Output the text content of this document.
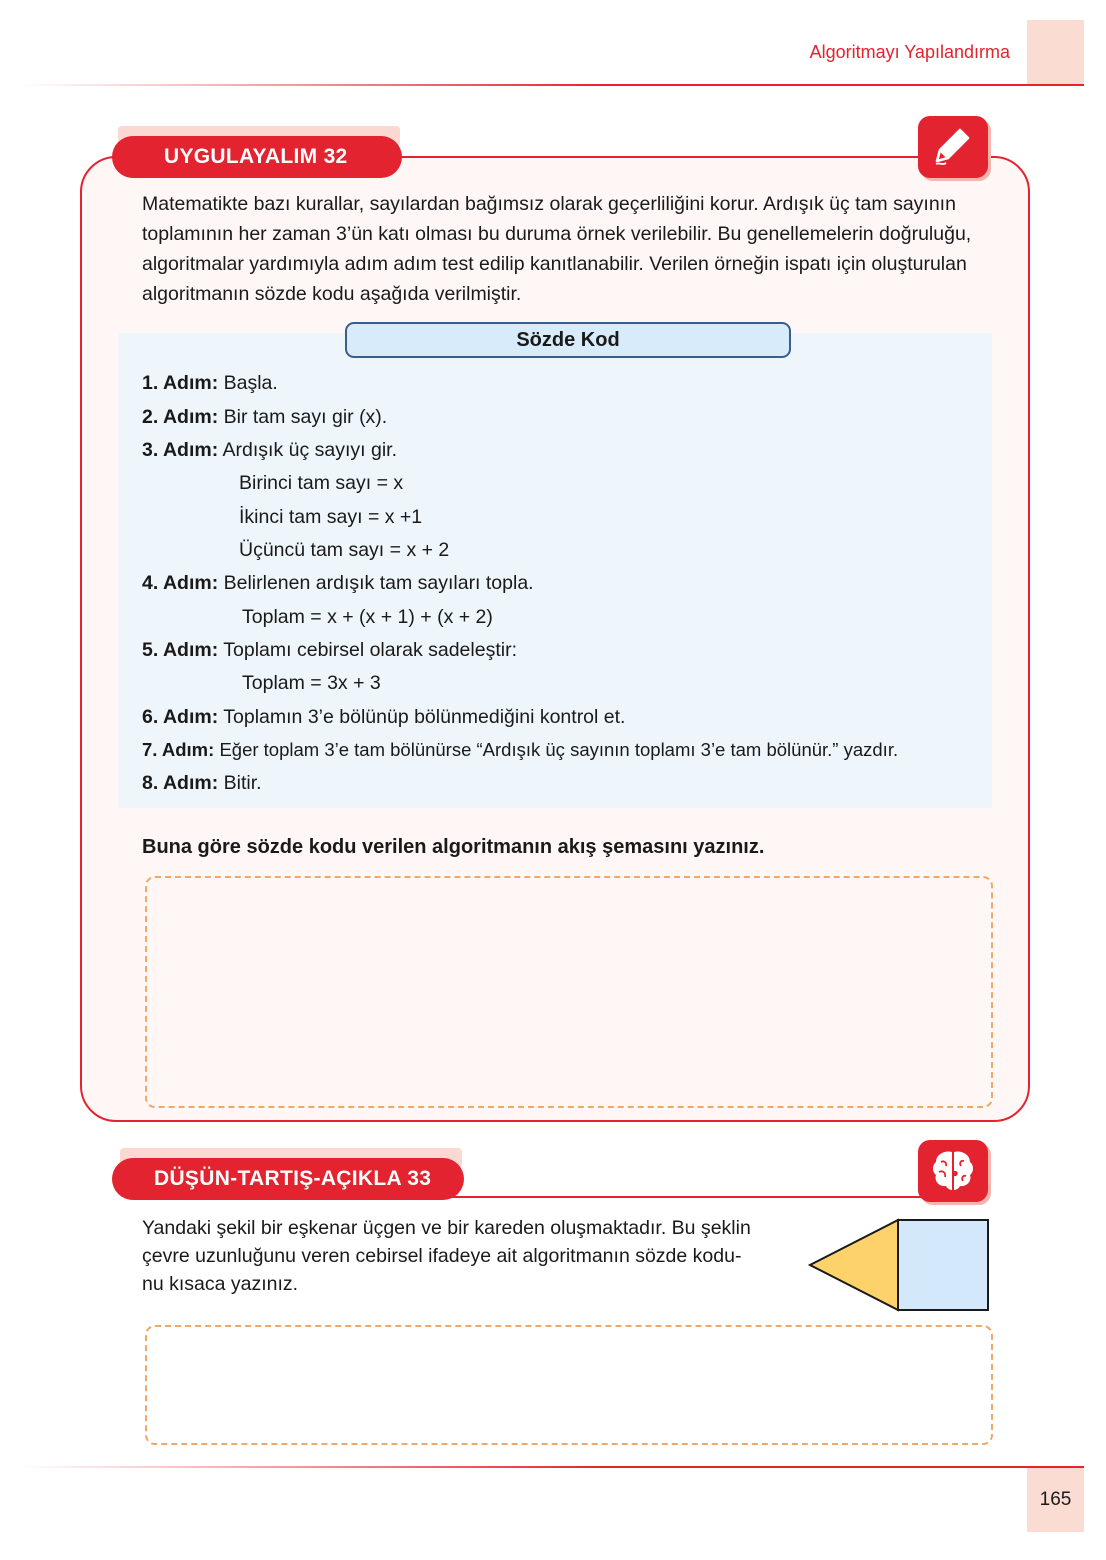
Algoritmayı Yapılandırma
UYGULAYALIM 32
Matematikte bazı kurallar, sayılardan bağımsız olarak geçerliliğini korur. Ardışık üç tam sayının
toplamının her zaman 3’ün katı olması bu duruma örnek verilebilir. Bu genellemelerin doğruluğu,
algoritmalar yardımıyla adım adım test edilip kanıtlanabilir. Verilen örneğin ispatı için oluşturulan
algoritmanın sözde kodu aşağıda verilmiştir.
Sözde Kod
1. Adım: Başla.
2. Adım: Bir tam sayı gir (x).
3. Adım: Ardışık üç sayıyı gir.
Birinci tam sayı = x
İkinci tam sayı = x +1
Üçüncü tam sayı = x + 2
4. Adım: Belirlenen ardışık tam sayıları topla.
Toplam = x + (x + 1) + (x + 2)
5. Adım: Toplamı cebirsel olarak sadeleştir:
Toplam = 3x + 3
6. Adım: Toplamın 3’e bölünüp bölünmediğini kontrol et.
7. Adım: Eğer toplam 3’e tam bölünürse “Ardışık üç sayının toplamı 3’e tam bölünür.” yazdır.
8. Adım: Bitir.
Buna göre sözde kodu verilen algoritmanın akış şemasını yazınız.
DÜŞÜN-TARTIŞ-AÇIKLA 33
Yandaki şekil bir eşkenar üçgen ve bir kareden oluşmaktadır. Bu şeklin
çevre uzunluğunu veren cebirsel ifadeye ait algoritmanın sözde kodu-
nu kısaca yazınız.
165
